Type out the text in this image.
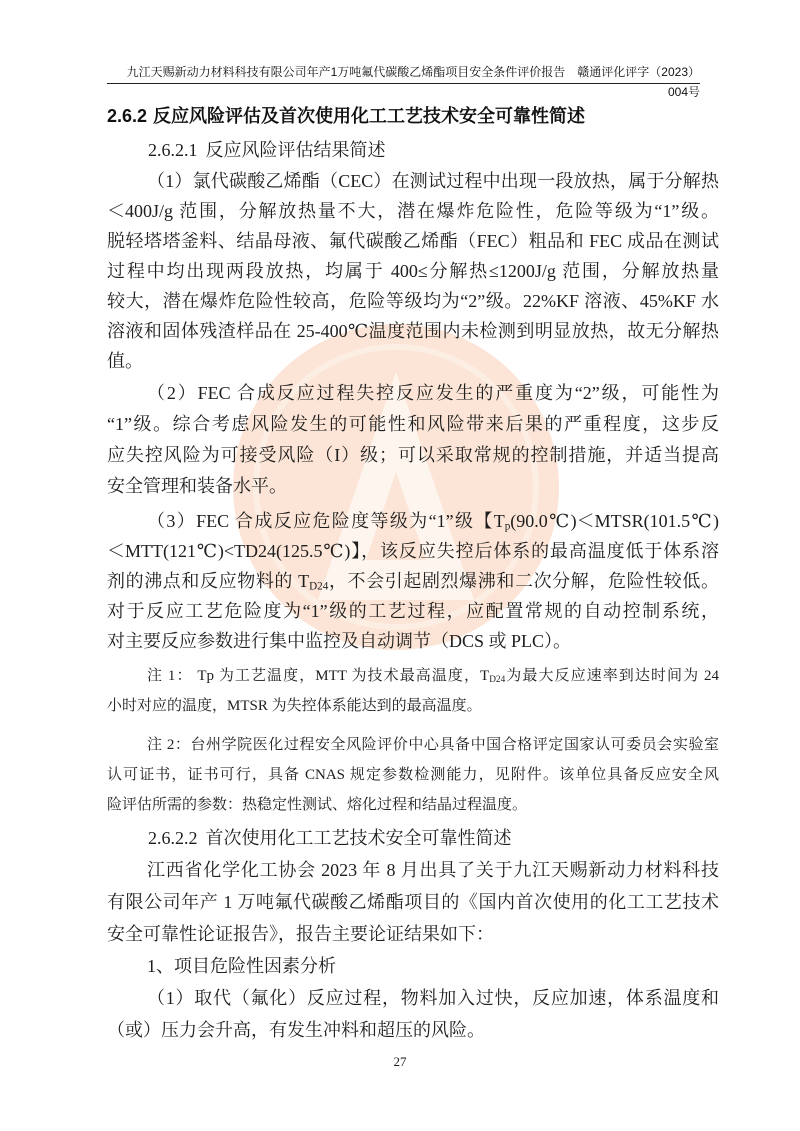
九江天赐新动力材料科技有限公司年产1万吨氟代碳酸乙烯酯项目安全条件评价报告 赣通评化评字（2023）004号
2.6.2 反应风险评估及首次使用化工工艺技术安全可靠性简述
2.6.2.1 反应风险评估结果简述
（1）氯代碳酸乙烯酯（CEC）在测试过程中出现一段放热，属于分解热
＜400J/g 范围，分解放热量不大，潜在爆炸危险性，危险等级为“1”级。
脱轻塔塔釜料、结晶母液、氟代碳酸乙烯酯（FEC）粗品和 FEC 成品在测试
过程中均出现两段放热，均属于 400≤分解热≤1200J/g 范围，分解放热量
较大，潜在爆炸危险性较高，危险等级均为“2”级。22%KF 溶液、45%KF 水
溶液和固体残渣样品在 25-400℃温度范围内未检测到明显放热，故无分解热
值。
（2）FEC 合成反应过程失控反应发生的严重度为“2”级，可能性为
“1”级。综合考虑风险发生的可能性和风险带来后果的严重程度，这步反
应失控风险为可接受风险（I）级；可以采取常规的控制措施，并适当提高
安全管理和装备水平。
（3）FEC 合成反应危险度等级为“1”级【$T_p(90.0℃)<MTSR(101.5℃)$
＜MTT(121℃)<TD24(125.5℃)】，该反应失控后体系的最高温度低于体系溶
剂的沸点和反应物料的 $T_{D24}$，不会引起剧烈爆沸和二次分解，危险性较低。
对于反应工艺危险度为“1”级的工艺过程，应配置常规的自动控制系统，
对主要反应参数进行集中监控及自动调节（DCS 或 PLC）。
注 1： Tp 为工艺温度，MTT 为技术最高温度，$T_{D24}$为最大反应速率到达时间为 24
小时对应的温度，MTSR 为失控体系能达到的最高温度。
注 2：台州学院医化过程安全风险评价中心具备中国合格评定国家认可委员会实验室
认可证书，证书可行，具备 CNAS 规定参数检测能力，见附件。该单位具备反应安全风
险评估所需的参数：热稳定性测试、熔化过程和结晶过程温度。
2.6.2.2 首次使用化工工艺技术安全可靠性简述
江西省化学化工协会 2023 年 8 月出具了关于九江天赐新动力材料科技
有限公司年产 1 万吨氟代碳酸乙烯酯项目的《国内首次使用的化工工艺技术
安全可靠性论证报告》，报告主要论证结果如下：
1、项目危险性因素分析
（1）取代（氟化）反应过程，物料加入过快，反应加速，体系温度和
（或）压力会升高，有发生冲料和超压的风险。
27
